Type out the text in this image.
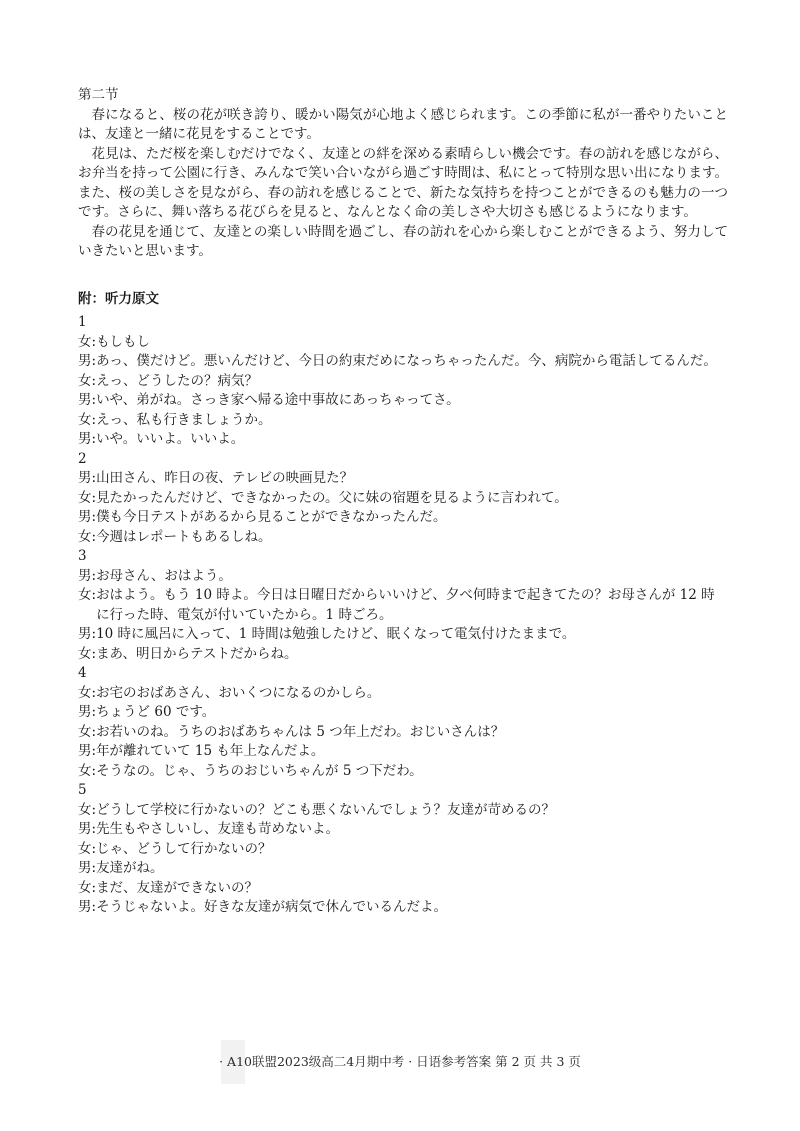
第二节

春になると、桜の花が咲き誇り、暖かい陽気が心地よく感じられます。この季節に私が一番やりたいことは、友達と一緒に花見をすることです。

花見は、ただ桜を楽しむだけでなく、友達との絆を深める素晴らしい機会です。春の訪れを感じながら、お弁当を持って公園に行き、みんなで笑い合いながら過ごす時間は、私にとって特別な思い出になります。また、桜の美しさを見ながら、春の訪れを感じることで、新たな気持ちを持つことができるのも魅力の一つです。さらに、舞い落ちる花びらを見ると、なんとなく命の美しさや大切さも感じるようになります。

春の花見を通じて、友達との楽しい時間を過ごし、春の訪れを心から楽しむことができるよう、努力していきたいと思います。

附：听力原文

1

女: もしもし

男: あっ、僕だけど。悪いんだけど、今日の約束だめになっちゃったんだ。今、病院から電話してるんだ。

女: えっ、どうしたの？病気？

男: いや、弟がね。さっき家へ帰る途中事故にあっちゃってさ。

女: えっ、私も行きましょうか。

男: いや。いいよ。いいよ。

2

男: 山田さん、昨日の夜、テレビの映画見た？

女: 見たかったんだけど、できなかったの。父に妹の宿題を見るように言われて。

男: 僕も今日テストがあるから見ることができなかったんだ。

女: 今週はレポートもあるしね。

3

男: お母さん、おはよう。

女: おはよう。もう 10 時よ。今日は日曜日だからいいけど、夕べ何時まで起きてたの？お母さんが 12 時に行った時、電気が付いていたから。1 時ごろ。

男: 10 時に風呂に入って、1 時間は勉強したけど、眠くなって電気付けたままで。

女: まあ、明日からテストだからね。

4

女: お宅のおばあさん、おいくつになるのかしら。

男: ちょうど 60 です。

女: お若いのね。うちのおばあちゃんは 5 つ年上だわ。おじいさんは？

男: 年が離れていて 15 も年上なんだよ。

女: そうなの。じゃ、うちのおじいちゃんが 5 つ下だわ。

5

女: どうして学校に行かないの？どこも悪くないんでしょう？友達が苛めるの？

男: 先生もやさしいし、友達も苛めないよ。

女: じゃ、どうして行かないの？

男: 友達がね。

女: まだ、友達ができないの？

男: そうじゃないよ。好きな友達が病気で休んでいるんだよ。

· A10联盟2023级高二4月期中考 · 日语参考答案 第 2 页 共 3 页
